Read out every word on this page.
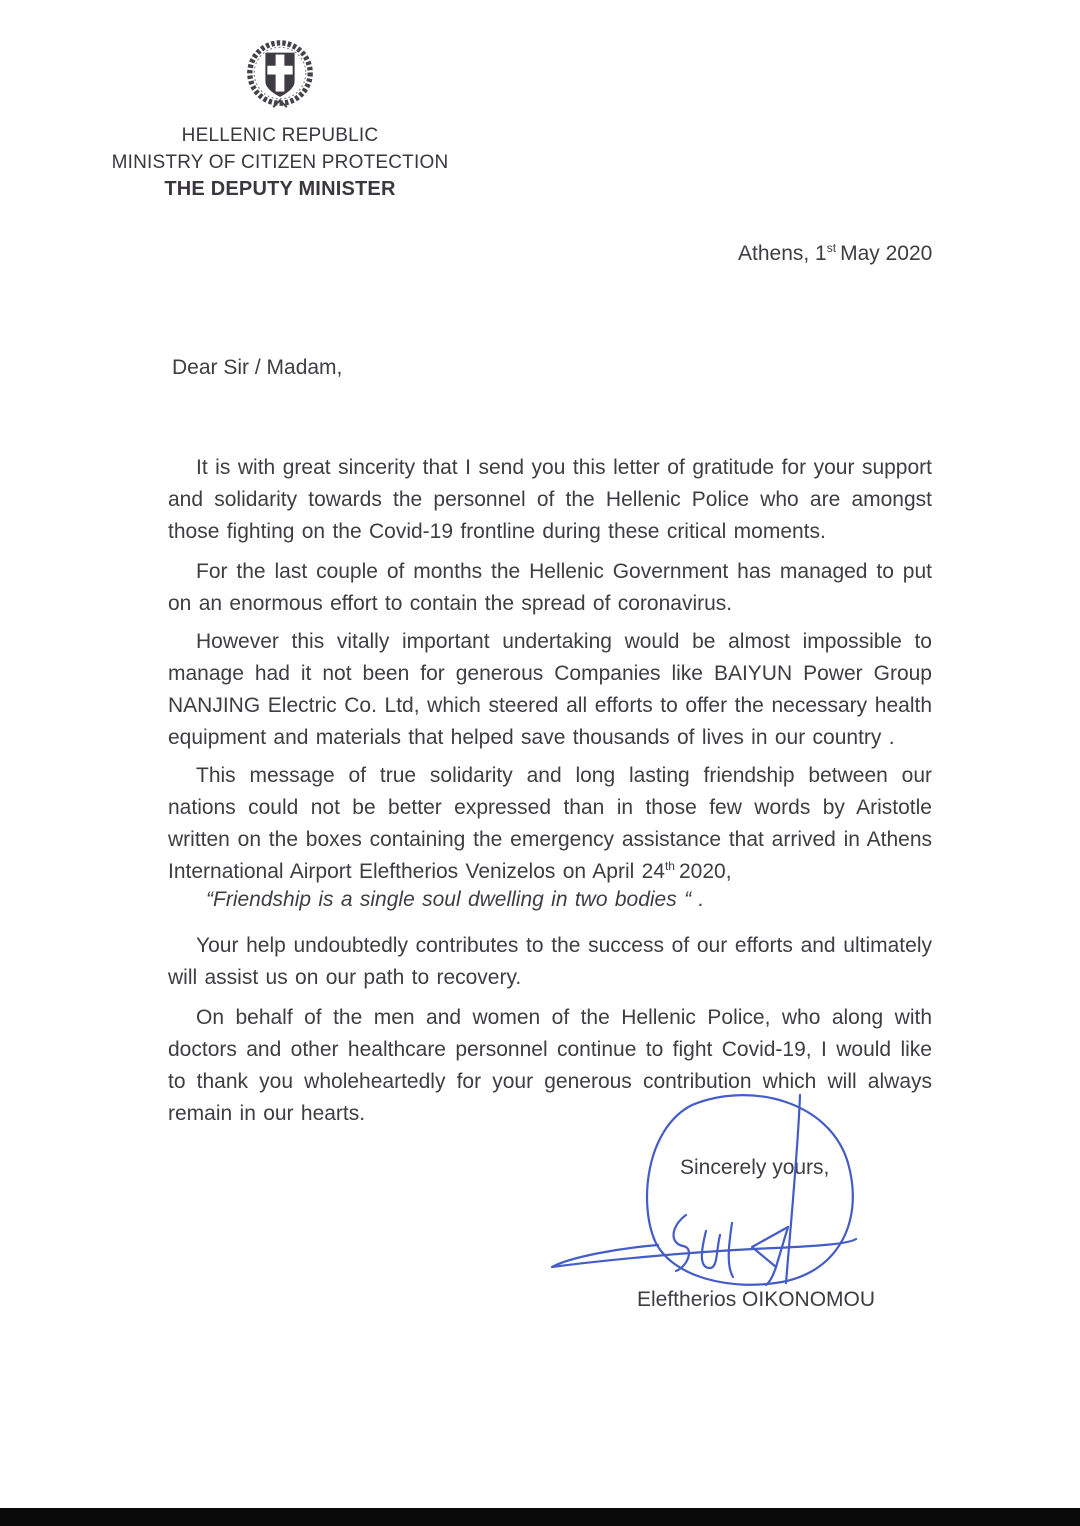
HELLENIC REPUBLIC
MINISTRY OF CITIZEN PROTECTION
THE DEPUTY MINISTER
Athens, 1st May 2020
Dear Sir / Madam,

It is with great sincerity that I send you this letter of gratitude for your support and solidarity towards the personnel of the Hellenic Police who are amongst those fighting on the Covid-19 frontline during these critical moments.

For the last couple of months the Hellenic Government has managed to put on an enormous effort to contain the spread of coronavirus.

However this vitally important undertaking would be almost impossible to manage had it not been for generous Companies like BAIYUN Power Group NANJING Electric Co. Ltd, which steered all efforts to offer the necessary health equipment and materials that helped save thousands of lives in our country .

This message of true solidarity and long lasting friendship between our nations could not be better expressed than in those few words by Aristotle written on the boxes containing the emergency assistance that arrived in Athens International Airport Eleftherios Venizelos on April 24th 2020,

“Friendship is a single soul dwelling in two bodies “ .

Your help undoubtedly contributes to the success of our efforts and ultimately will assist us on our path to recovery.

On behalf of the men and women of the Hellenic Police, who along with doctors and other healthcare personnel continue to fight Covid-19, I would like to thank you wholeheartedly for your generous contribution which will always remain in our hearts.

Sincerely yours,
Eleftherios OIKONOMOU
